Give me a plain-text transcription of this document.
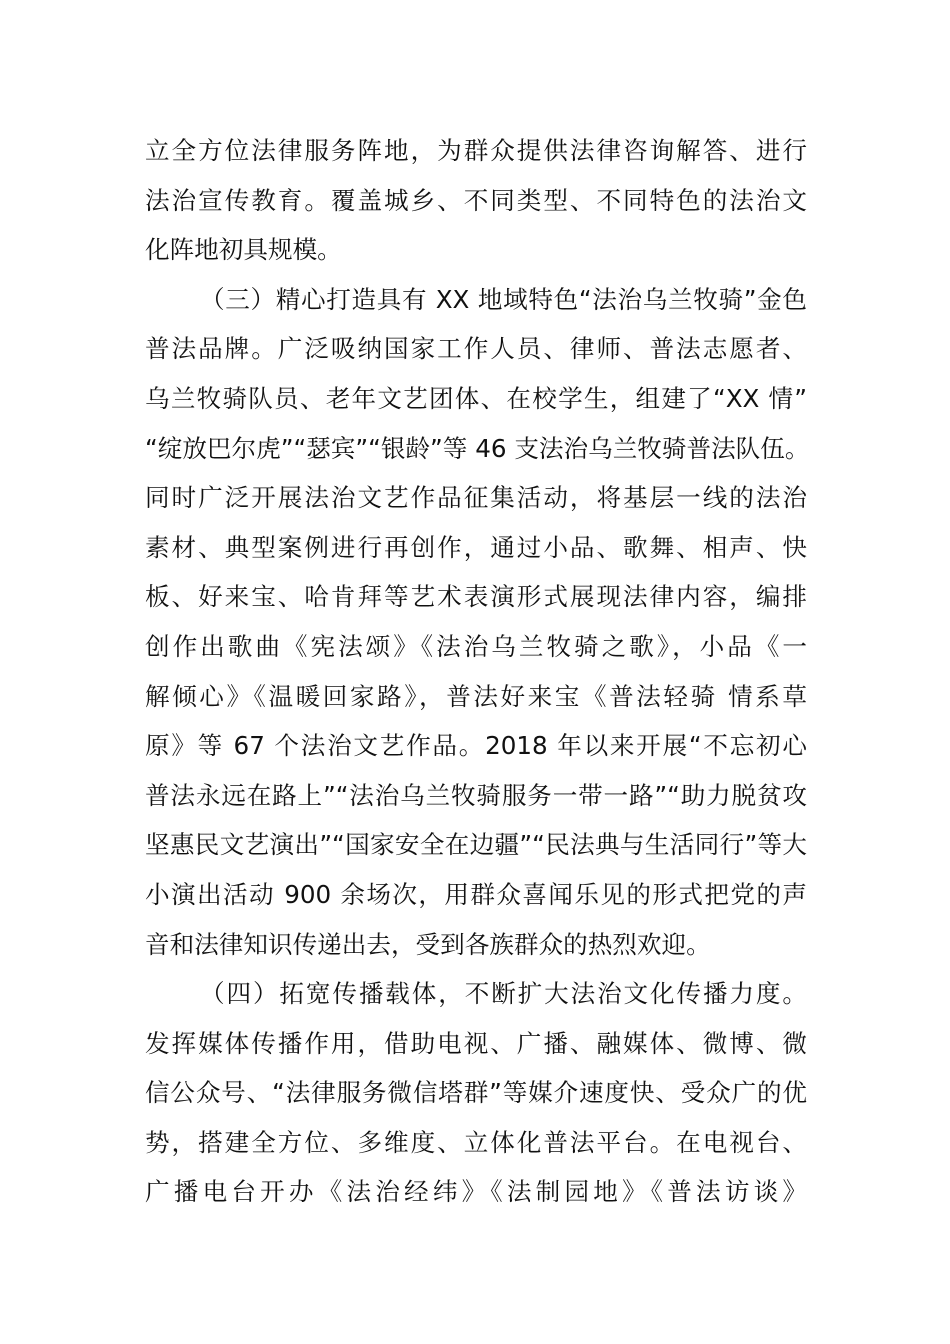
立全方位法律服务阵地，为群众提供法律咨询解答、进行
法治宣传教育。覆盖城乡、不同类型、不同特色的法治文
化阵地初具规模。
（三）精心打造具有 XX 地域特色“法治乌兰牧骑”金色
普法品牌。广泛吸纳国家工作人员、律师、普法志愿者、
乌兰牧骑队员、老年文艺团体、在校学生，组建了“XX 情”
“绽放巴尔虎”“瑟宾”“银龄”等 46 支法治乌兰牧骑普法队伍。
同时广泛开展法治文艺作品征集活动，将基层一线的法治
素材、典型案例进行再创作，通过小品、歌舞、相声、快
板、好来宝、哈肯拜等艺术表演形式展现法律内容，编排
创作出歌曲《宪法颂》《法治乌兰牧骑之歌》，小品《一
解倾心》《温暖回家路》，普法好来宝《普法轻骑 情系草
原》等 67 个法治文艺作品。2018 年以来开展“不忘初心
普法永远在路上”“法治乌兰牧骑服务一带一路”“助力脱贫攻
坚惠民文艺演出”“国家安全在边疆”“民法典与生活同行”等大
小演出活动 900 余场次，用群众喜闻乐见的形式把党的声
音和法律知识传递出去，受到各族群众的热烈欢迎。
（四）拓宽传播载体，不断扩大法治文化传播力度。
发挥媒体传播作用，借助电视、广播、融媒体、微博、微
信公众号、“法律服务微信塔群”等媒介速度快、受众广的优
势，搭建全方位、多维度、立体化普法平台。在电视台、
广播电台开办《法治经纬》《法制园地》《普法访谈》
